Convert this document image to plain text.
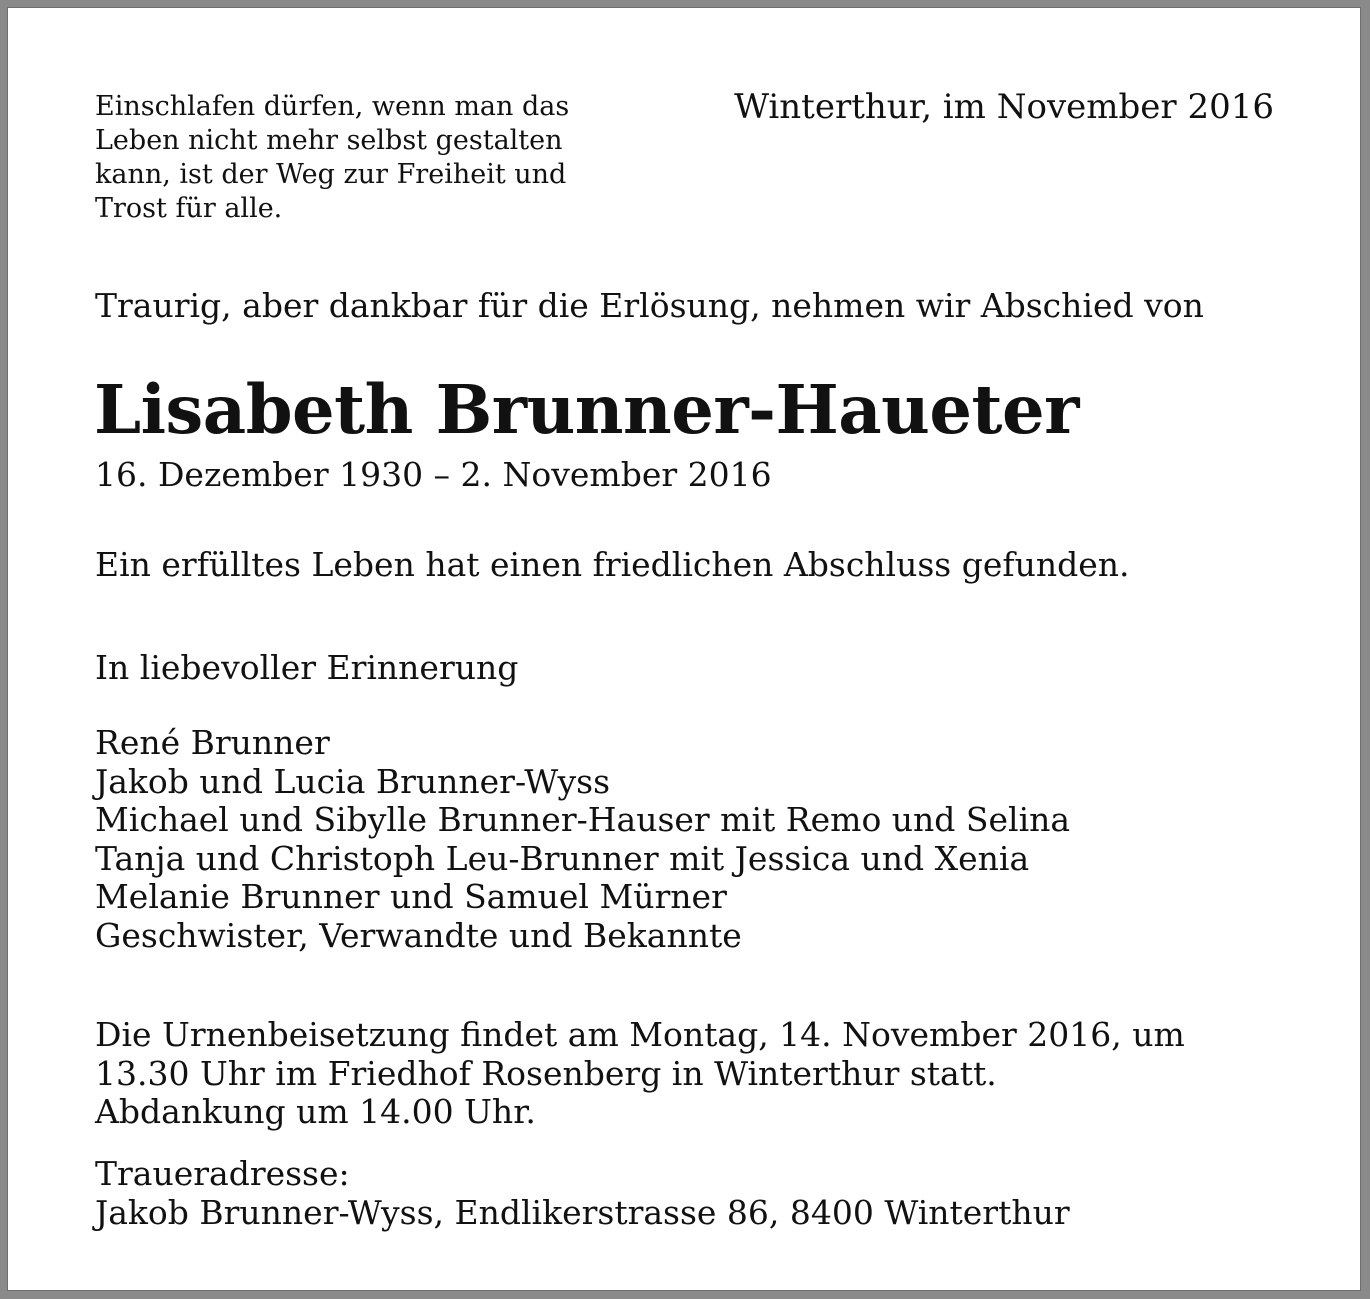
Einschlafen dürfen, wenn man das
Leben nicht mehr selbst gestalten
kann, ist der Weg zur Freiheit und
Trost für alle.
Winterthur, im November 2016
Traurig, aber dankbar für die Erlösung, nehmen wir Abschied von
Lisabeth Brunner-Haueter
16. Dezember 1930 – 2. November 2016
Ein erfülltes Leben hat einen friedlichen Abschluss gefunden.
In liebevoller Erinnerung
René Brunner
Jakob und Lucia Brunner-Wyss
Michael und Sibylle Brunner-Hauser mit Remo und Selina
Tanja und Christoph Leu-Brunner mit Jessica und Xenia
Melanie Brunner und Samuel Mürner
Geschwister, Verwandte und Bekannte
Die Urnenbeisetzung findet am Montag, 14. November 2016, um
13.30 Uhr im Friedhof Rosenberg in Winterthur statt.
Abdankung um 14.00 Uhr.
Traueradresse:
Jakob Brunner-Wyss, Endlikerstrasse 86, 8400 Winterthur
